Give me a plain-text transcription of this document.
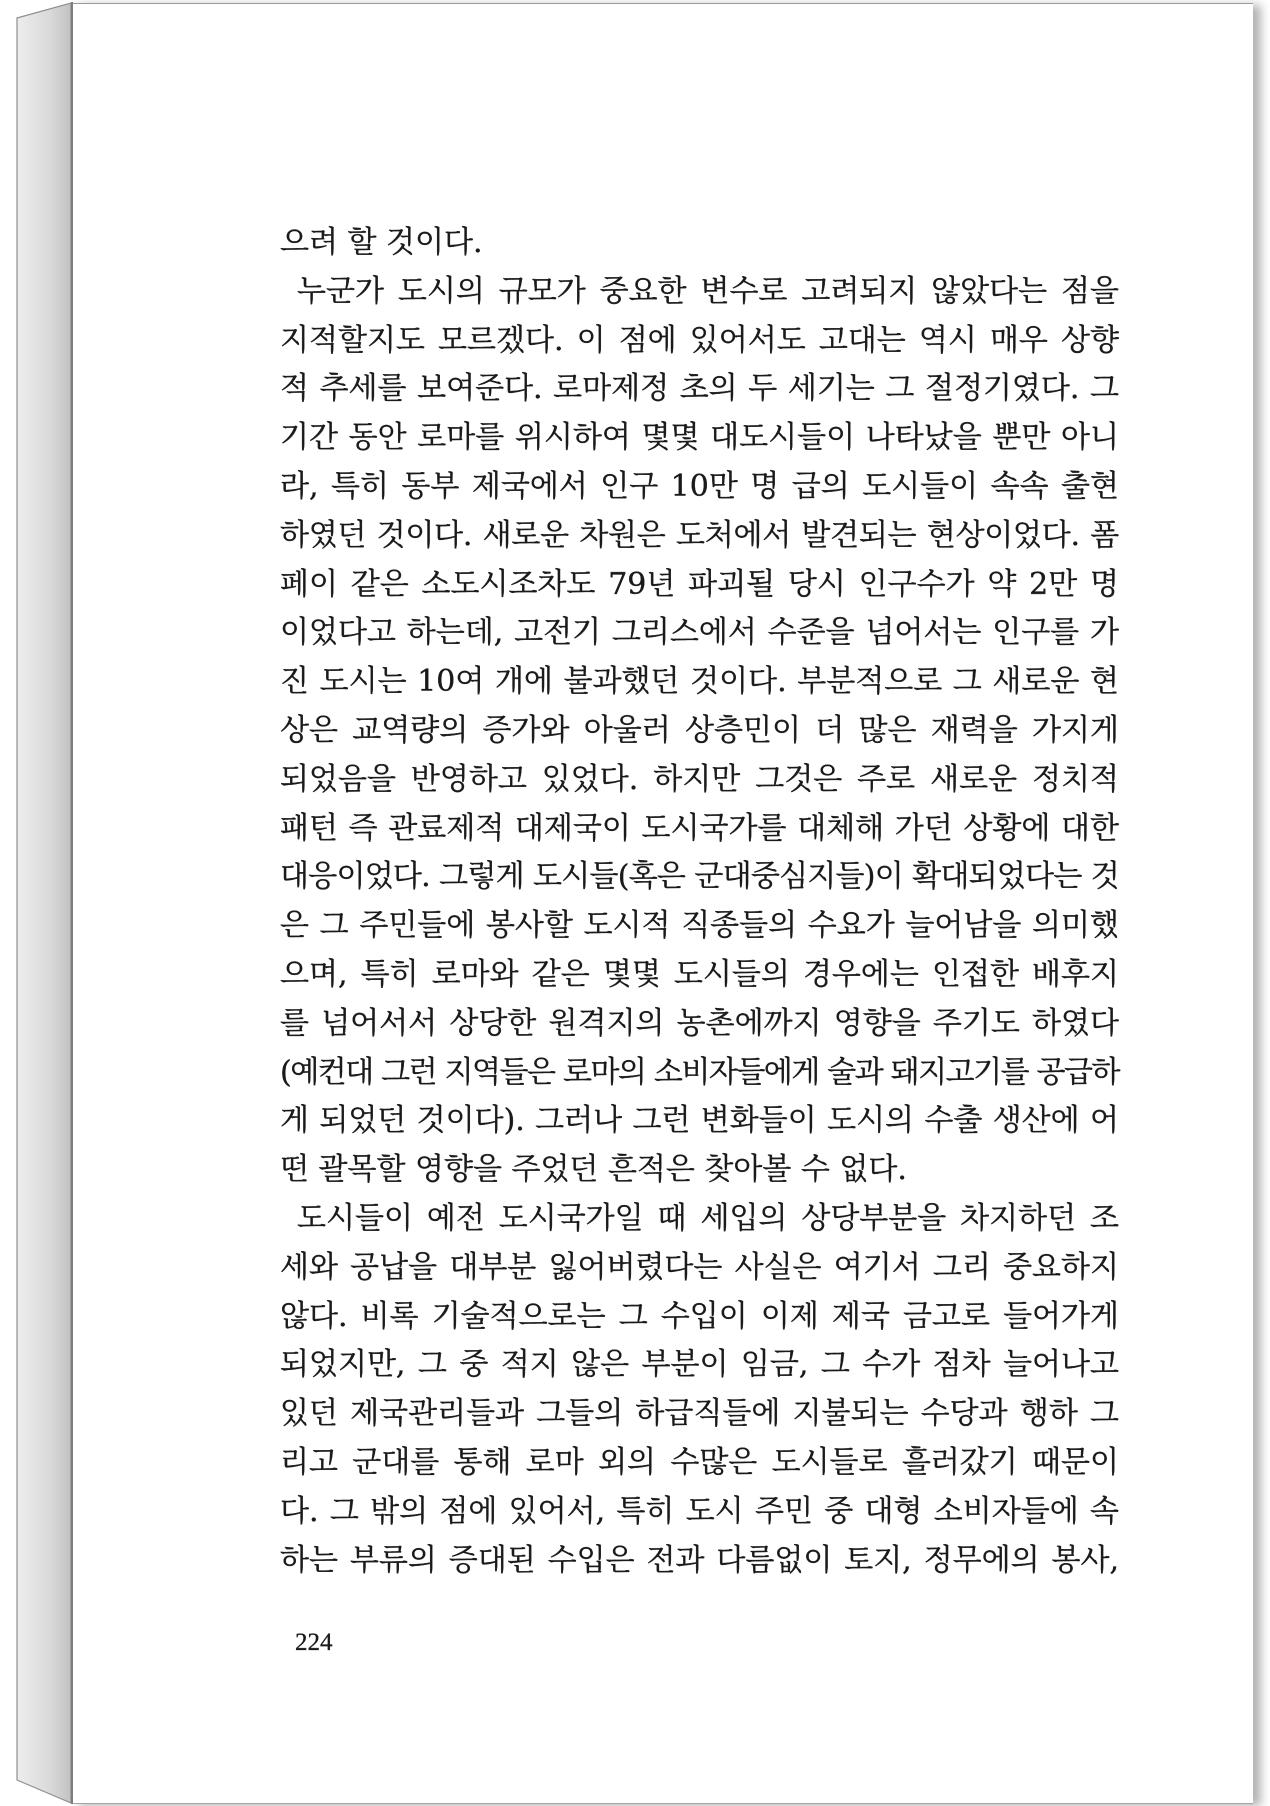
으려 할 것이다.
누군가 도시의 규모가 중요한 변수로 고려되지 않았다는 점을
지적할지도 모르겠다. 이 점에 있어서도 고대는 역시 매우 상향
적 추세를 보여준다. 로마제정 초의 두 세기는 그 절정기였다. 그
기간 동안 로마를 위시하여 몇몇 대도시들이 나타났을 뿐만 아니
라, 특히 동부 제국에서 인구 10만 명 급의 도시들이 속속 출현
하였던 것이다. 새로운 차원은 도처에서 발견되는 현상이었다. 폼
페이 같은 소도시조차도 79년 파괴될 당시 인구수가 약 2만 명
이었다고 하는데, 고전기 그리스에서 수준을 넘어서는 인구를 가
진 도시는 10여 개에 불과했던 것이다. 부분적으로 그 새로운 현
상은 교역량의 증가와 아울러 상층민이 더 많은 재력을 가지게
되었음을 반영하고 있었다. 하지만 그것은 주로 새로운 정치적
패턴 즉 관료제적 대제국이 도시국가를 대체해 가던 상황에 대한
대응이었다. 그렇게 도시들(혹은 군대중심지들)이 확대되었다는 것
은 그 주민들에 봉사할 도시적 직종들의 수요가 늘어남을 의미했
으며, 특히 로마와 같은 몇몇 도시들의 경우에는 인접한 배후지
를 넘어서서 상당한 원격지의 농촌에까지 영향을 주기도 하였다
(예컨대 그런 지역들은 로마의 소비자들에게 술과 돼지고기를 공급하
게 되었던 것이다). 그러나 그런 변화들이 도시의 수출 생산에 어
떤 괄목할 영향을 주었던 흔적은 찾아볼 수 없다.
도시들이 예전 도시국가일 때 세입의 상당부분을 차지하던 조
세와 공납을 대부분 잃어버렸다는 사실은 여기서 그리 중요하지
않다. 비록 기술적으로는 그 수입이 이제 제국 금고로 들어가게
되었지만, 그 중 적지 않은 부분이 임금, 그 수가 점차 늘어나고
있던 제국관리들과 그들의 하급직들에 지불되는 수당과 행하 그
리고 군대를 통해 로마 외의 수많은 도시들로 흘러갔기 때문이
다. 그 밖의 점에 있어서, 특히 도시 주민 중 대형 소비자들에 속
하는 부류의 증대된 수입은 전과 다름없이 토지, 정무에의 봉사,
224
